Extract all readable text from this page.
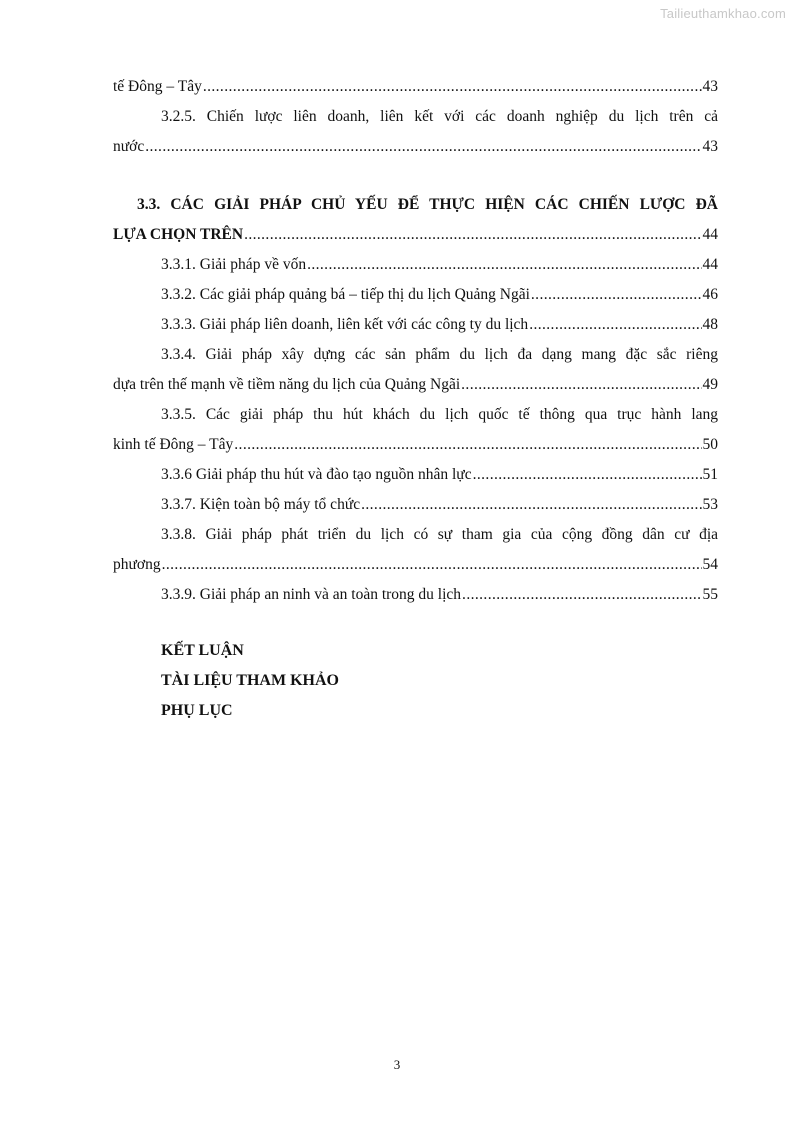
Tailieuthamkhao.com
tế Đông – Tây .....	43
3.2.5. Chiến lược liên doanh, liên kết với các doanh nghiệp du lịch trên cả
nước .....	43
3.3. CÁC GIẢI PHÁP CHỦ YẾU ĐỂ THỰC HIỆN CÁC CHIẾN LƯỢC ĐÃ
LỰA CHỌN TRÊN .....	44
3.3.1. Giải pháp về vốn .....	44
3.3.2. Các giải pháp quảng bá – tiếp thị du lịch Quảng Ngãi .....	46
3.3.3. Giải pháp liên doanh, liên kết với các công ty du lịch .....	48
3.3.4. Giải pháp xây dựng các sản phẩm du lịch đa dạng mang đặc sắc riêng
dựa trên thế mạnh về tiềm năng du lịch của Quảng Ngãi .....	49
3.3.5. Các giải pháp thu hút khách du lịch quốc tế thông qua trục hành lang
kinh tế Đông – Tây .....	50
3.3.6 Giải pháp thu hút và đào tạo nguồn nhân lực .....	51
3.3.7. Kiện toàn bộ máy tổ chức .....	53
3.3.8. Giải pháp phát triển du lịch có sự tham gia của cộng đồng dân cư địa
phương .....	54
3.3.9. Giải pháp an ninh và an toàn trong du lịch .....	55
KẾT LUẬN
TÀI LIỆU THAM KHẢO
PHỤ LỤC
3
